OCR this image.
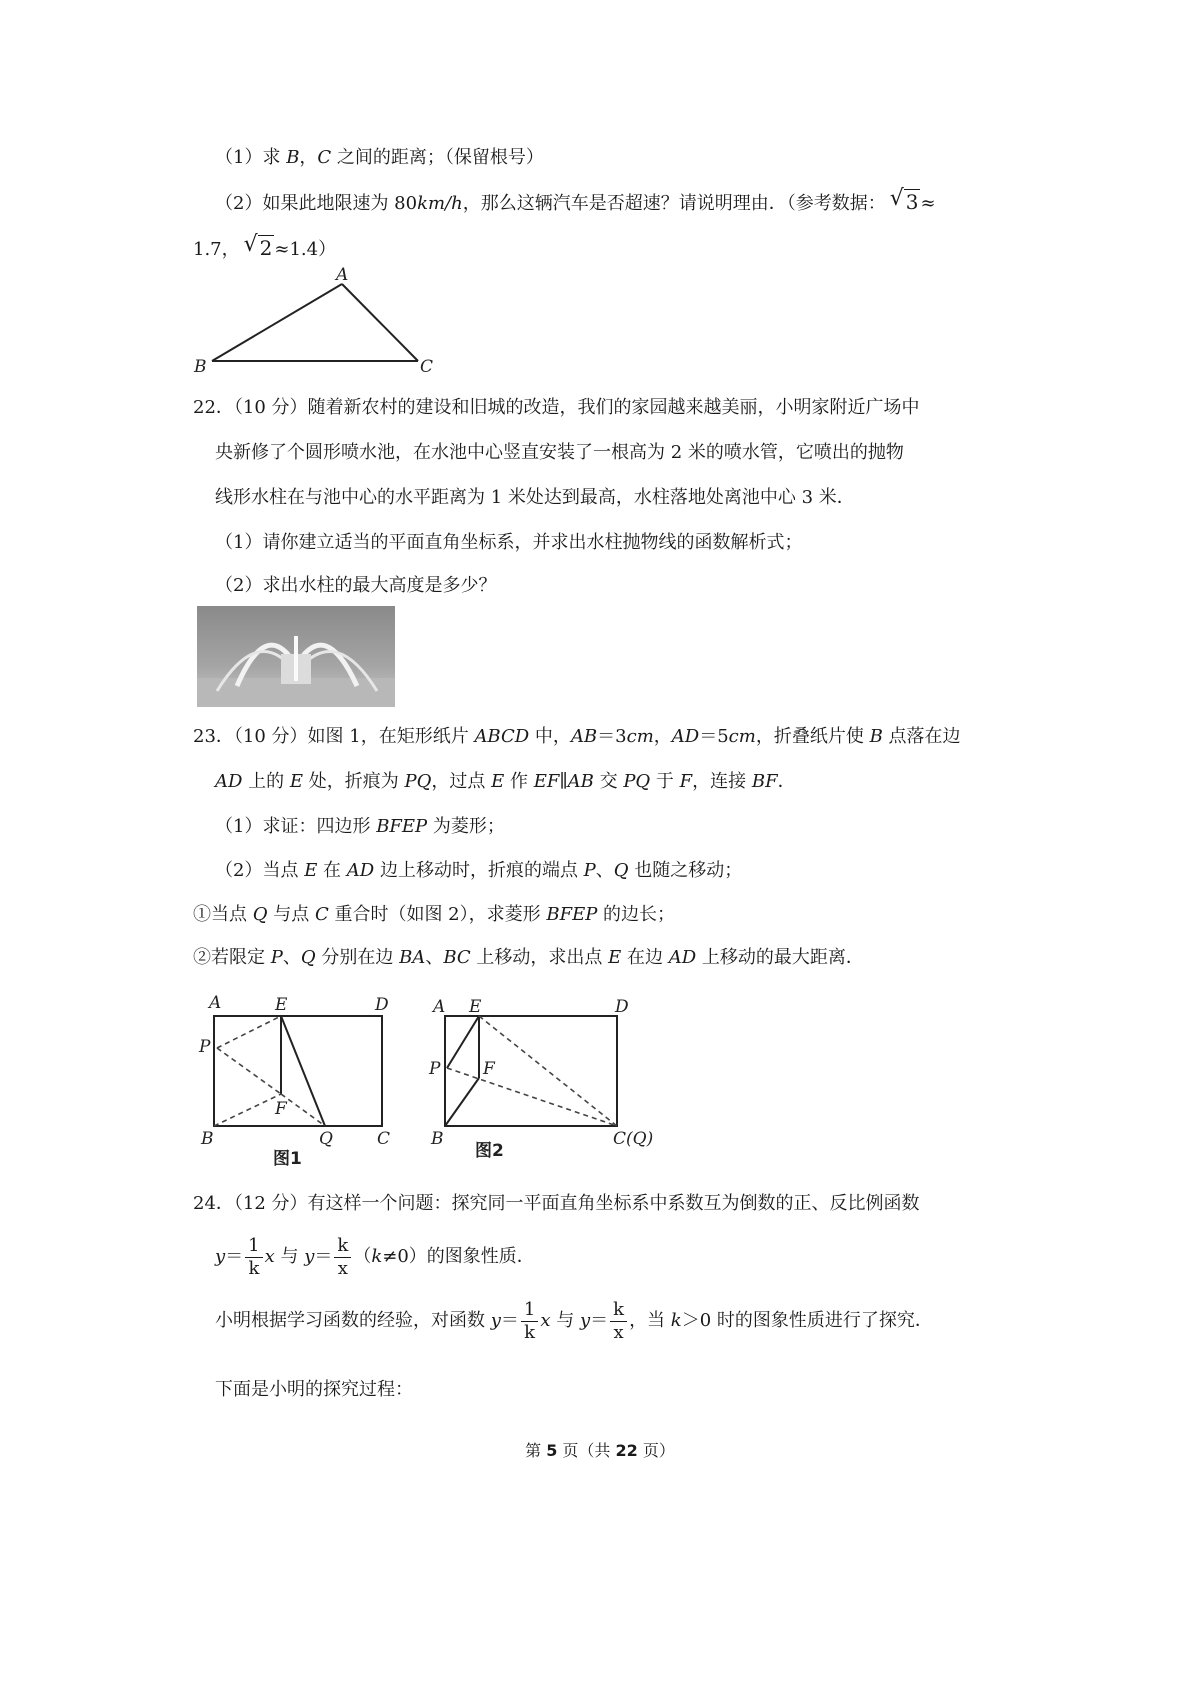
（1）求 B，C 之间的距离；（保留根号）
（2）如果此地限速为 80km/h，那么这辆汽车是否超速？请说明理由．（参考数据： √ 3 ≈
1.7， √ 2 ≈1.4）
A
B	C
22．（10 分）随着新农村的建设和旧城的改造，我们的家园越来越美丽，小明家附近广场中
央新修了个圆形喷水池，在水池中心竖直安装了一根高为 2 米的喷水管，它喷出的抛物
线形水柱在与池中心的水平距离为 1 米处达到最高，水柱落地处离池中心 3 米．
（1）请你建立适当的平面直角坐标系，并求出水柱抛物线的函数解析式；
（2）求出水柱的最大高度是多少？
23．（10 分）如图 1，在矩形纸片 ABCD 中，AB＝3cm，AD＝5cm，折叠纸片使 B 点落在边
AD 上的 E 处，折痕为 PQ，过点 E 作 EF∥AB 交 PQ 于 F，连接 BF．
（1）求证：四边形 BFEP 为菱形；
（2）当点 E 在 AD 边上移动时，折痕的端点 P、Q 也随之移动；
①当点 Q 与点 C 重合时（如图 2），求菱形 BFEP 的边长；
②若限定 P、Q 分别在边 BA、BC 上移动，求出点 E 在边 AD 上移动的最大距离．
A	E	D
P
F
B	Q	C
图1
A E	D
P	F
B	C(Q)
图2
24．（12 分）有这样一个问题：探究同一平面直角坐标系中系数互为倒数的正、反比例函数
$y= \frac{1}{k}$ x 与 $y= \frac{k}{x} (k\ne 0)$的图象性质．
小明根据学习函数的经验，对函数 $y= \frac{1}{k}$ x 与 $y= \frac{k}{x}$ ，当 k＞0 时的图象性质进行了探究．
下面是小明的探究过程：
第 5 页（共 22 页）
